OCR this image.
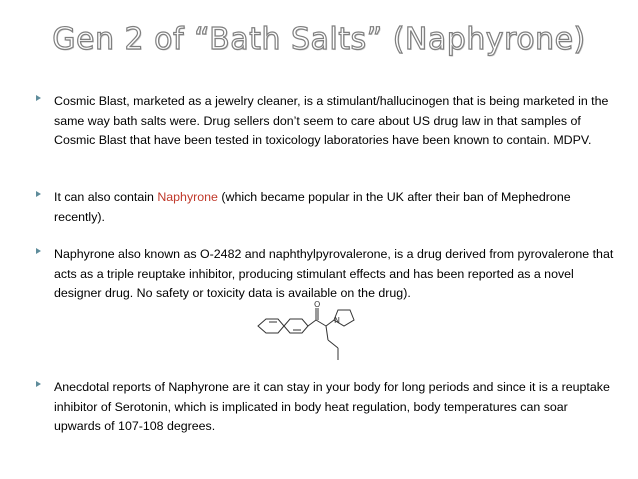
Gen 2 of “Bath Salts” (Naphyrone)
Cosmic Blast, marketed as a jewelry cleaner, is a stimulant/hallucinogen that is being marketed in the same way bath salts were. Drug sellers don’t seem to care about US drug law in that samples of Cosmic Blast that have been tested in toxicology laboratories have been known to contain. MDPV.
It can also contain Naphyrone (which became popular in the UK after their ban of Mephedrone recently).
Naphyrone also known as O-2482 and naphthylpyrovalerone, is a drug derived from pyrovalerone that acts as a triple reuptake inhibitor, producing stimulant effects and has been reported as a novel designer drug. No safety or toxicity data is available on the drug).
O
N
Anecdotal reports of Naphyrone are it can stay in your body for long periods and since it is a reuptake inhibitor of Serotonin, which is implicated in body heat regulation, body temperatures can soar upwards of 107-108 degrees.
